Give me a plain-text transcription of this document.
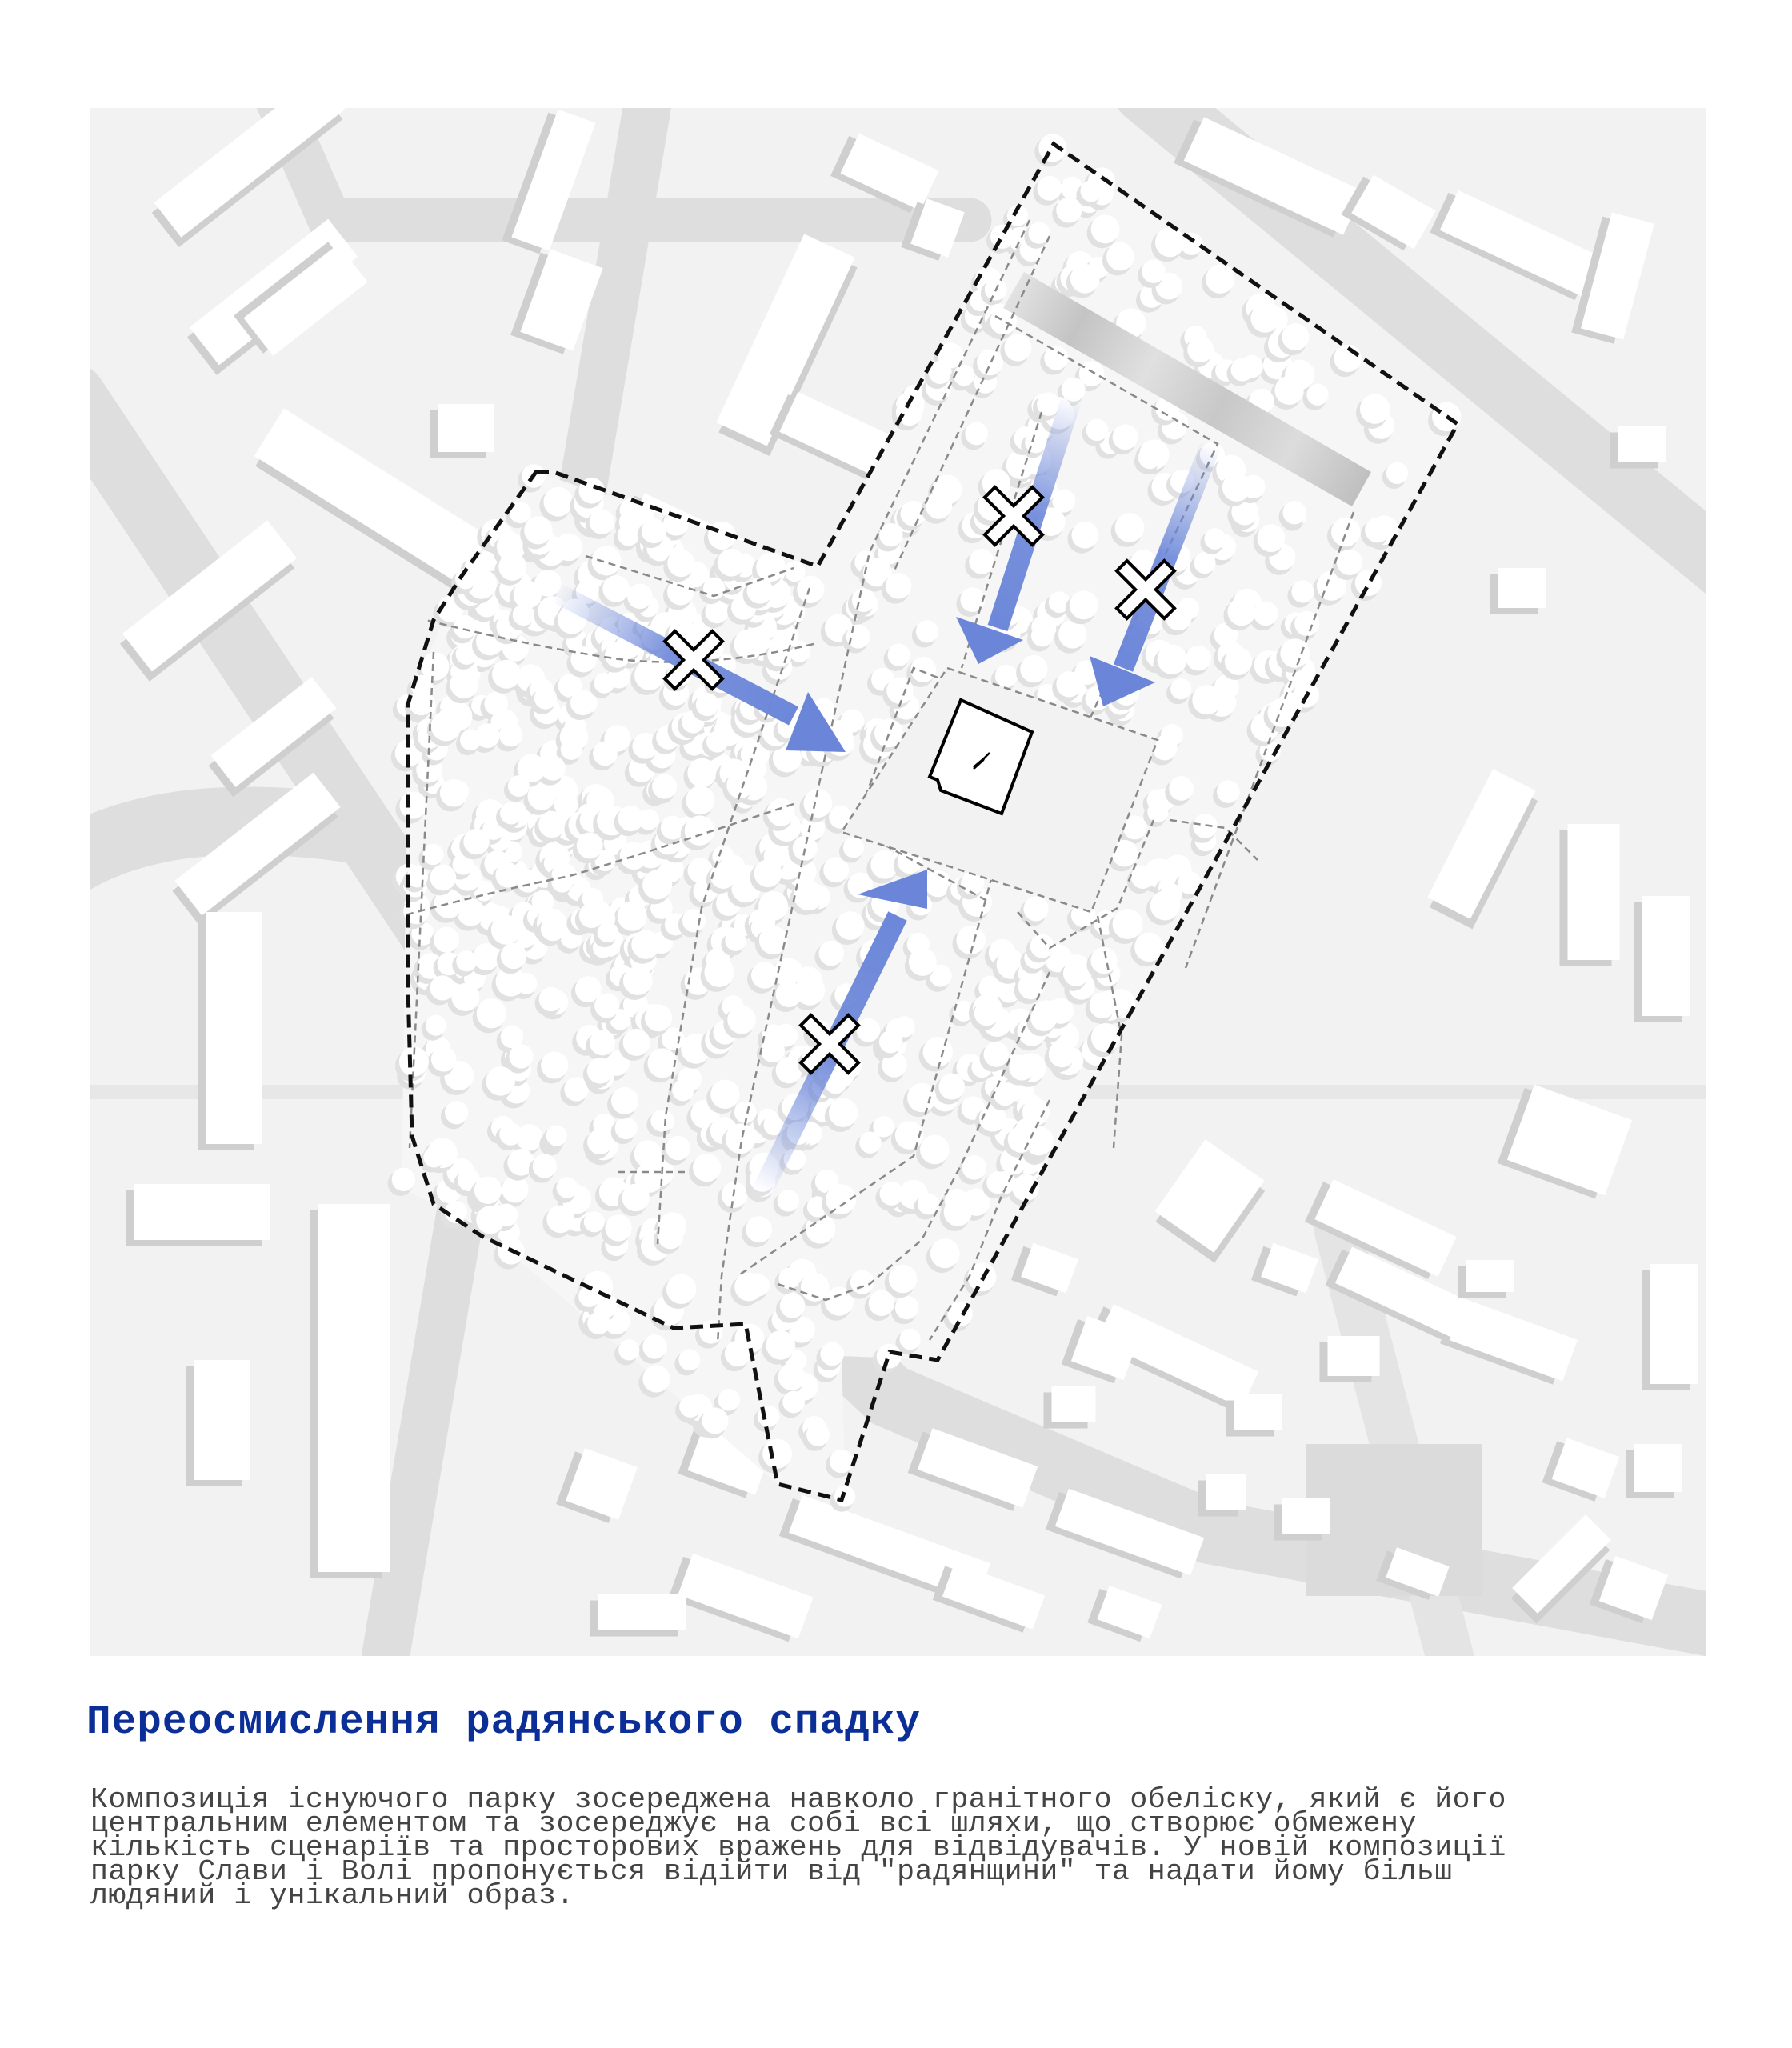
Переосмислення радянського спадку
Композиція існуючого парку зосереджена навколо гранітного обеліску, який є його
центральним елементом та зосереджує на собі всі шляхи, що створює обмежену
кількість сценаріїв та просторових вражень для відвідувачів. У новій композиції
парку Слави і Волі пропонується відійти від "радянщини" та надати йому більш
людяний і унікальний образ.
